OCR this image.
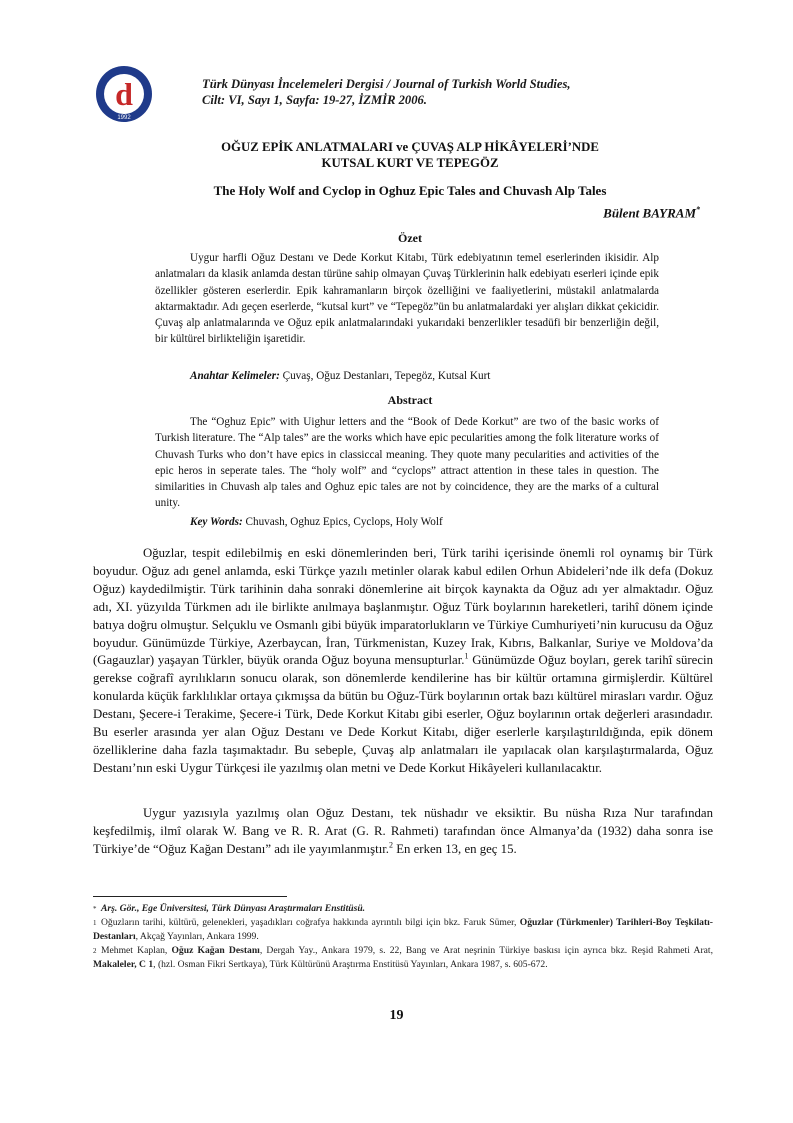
d
1992
Türk Dünyası İncelemeleri Dergisi / Journal of Turkish World Studies,
Cilt: VI, Sayı 1, Sayfa: 19-27, İZMİR 2006.
OĞUZ EPİK ANLATMALARI ve ÇUVAŞ ALP HİKÂYELERİ’NDE
KUTSAL KURT VE TEPEGÖZ
The Holy Wolf and Cyclop in Oghuz Epic Tales and Chuvash Alp Tales
Bülent BAYRAM*
Özet
Uygur harfli Oğuz Destanı ve Dede Korkut Kitabı, Türk edebiyatının temel eserlerinden ikisidir. Alp anlatmaları da klasik anlamda destan türüne sahip olmayan Çuvaş Türklerinin halk edebiyatı eserleri içinde epik özellikler gösteren eserlerdir. Epik kahramanların birçok özelliğini ve faaliyetlerini, müstakil anlatmalarda aktarmaktadır. Adı geçen eserlerde, “kutsal kurt” ve “Tepegöz”ün bu anlatmalardaki yer alışları dikkat çekicidir. Çuvaş alp anlatmalarında ve Oğuz epik anlatmalarındaki yukarıdaki benzerlikler tesadüfi bir benzerliğin değil, bir kültürel birlikteliğin işaretidir.
Anahtar Kelimeler: Çuvaş, Oğuz Destanları, Tepegöz, Kutsal Kurt
Abstract
The “Oghuz Epic” with Uighur letters and the “Book of Dede Korkut” are two of the basic works of Turkish literature. The “Alp tales” are the works which have epic pecularities among the folk literature works of Chuvash Turks who don’t have epics in classiccal meaning. They quote many pecularities and activities of the epic heros in seperate tales. The “holy wolf” and “cyclops” attract attention in these tales in question. The similarities in Chuvash alp tales and Oghuz epic tales are not by coincidence, they are the marks of a cultural unity.
Key Words: Chuvash, Oghuz Epics, Cyclops, Holy Wolf
Oğuzlar, tespit edilebilmiş en eski dönemlerinden beri, Türk tarihi içerisinde önemli rol oynamış bir Türk boyudur. Oğuz adı genel anlamda, eski Türkçe yazılı metinler olarak kabul edilen Orhun Abideleri’nde ilk defa (Dokuz Oğuz) kaydedilmiştir. Türk tarihinin daha sonraki dönemlerine ait birçok kaynakta da Oğuz adı yer almaktadır. Oğuz adı, XI. yüzyılda Türkmen adı ile birlikte anılmaya başlanmıştır. Oğuz Türk boylarının hareketleri, tarihî dönem içinde batıya doğru olmuştur. Selçuklu ve Osmanlı gibi büyük imparatorlukların ve Türkiye Cumhuriyeti’nin kurucusu da Oğuz boyudur. Günümüzde Türkiye, Azerbaycan, İran, Türkmenistan, Kuzey Irak, Kıbrıs, Balkanlar, Suriye ve Moldova’da (Gagauzlar) yaşayan Türkler, büyük oranda Oğuz boyuna mensupturlar.$^1$ Günümüzde Oğuz boyları, gerek tarihî sürecin gerekse coğrafî ayrılıkların sonucu olarak, son dönemlerde kendilerine has bir kültür ortamına girmişlerdir. Kültürel konularda küçük farklılıklar ortaya çıkmışsa da bütün bu Oğuz-Türk boylarının ortak bazı kültürel mirasları vardır. Oğuz Destanı, Şecere-i Terakime, Şecere-i Türk, Dede Korkut Kitabı gibi eserler, Oğuz boylarının ortak değerleri arasındadır. Bu eserler arasında yer alan Oğuz Destanı ve Dede Korkut Kitabı, diğer eserlerle karşılaştırıldığında, epik dönem özelliklerine daha fazla taşımaktadır. Bu sebeple, Çuvaş alp anlatmaları ile yapılacak olan karşılaştırmalarda, Oğuz Destanı’nın eski Uygur Türkçesi ile yazılmış olan metni ve Dede Korkut Hikâyeleri kullanılacaktır.
Uygur yazısıyla yazılmış olan Oğuz Destanı, tek nüshadır ve eksiktir. Bu nüsha Rıza Nur tarafından keşfedilmiş, ilmî olarak W. Bang ve R. R. Arat (G. R. Rahmeti) tarafından önce Almanya’da (1932) daha sonra ise Türkiye’de “Oğuz Kağan Destanı” adı ile yayımlanmıştır.$^2$ En erken 13, en geç 15.
* Arş. Gör., Ege Üniversitesi, Türk Dünyası Araştırmaları Enstitüsü.
1 Oğuzların tarihi, kültürü, gelenekleri, yaşadıkları coğrafya hakkında ayrıntılı bilgi için bkz. Faruk Sümer, Oğuzlar (Türkmenler) Tarihleri-Boy Teşkilatı-Destanları, Akçağ Yayınları, Ankara 1999.
2 Mehmet Kaplan, Oğuz Kağan Destanı, Dergah Yay., Ankara 1979, s. 22, Bang ve Arat neşrinin Türkiye baskısı için ayrıca bkz. Reşid Rahmeti Arat, Makaleler, C 1, (hzl. Osman Fikri Sertkaya), Türk Kültürünü Araştırma Enstitüsü Yayınları, Ankara 1987, s. 605-672.
19
